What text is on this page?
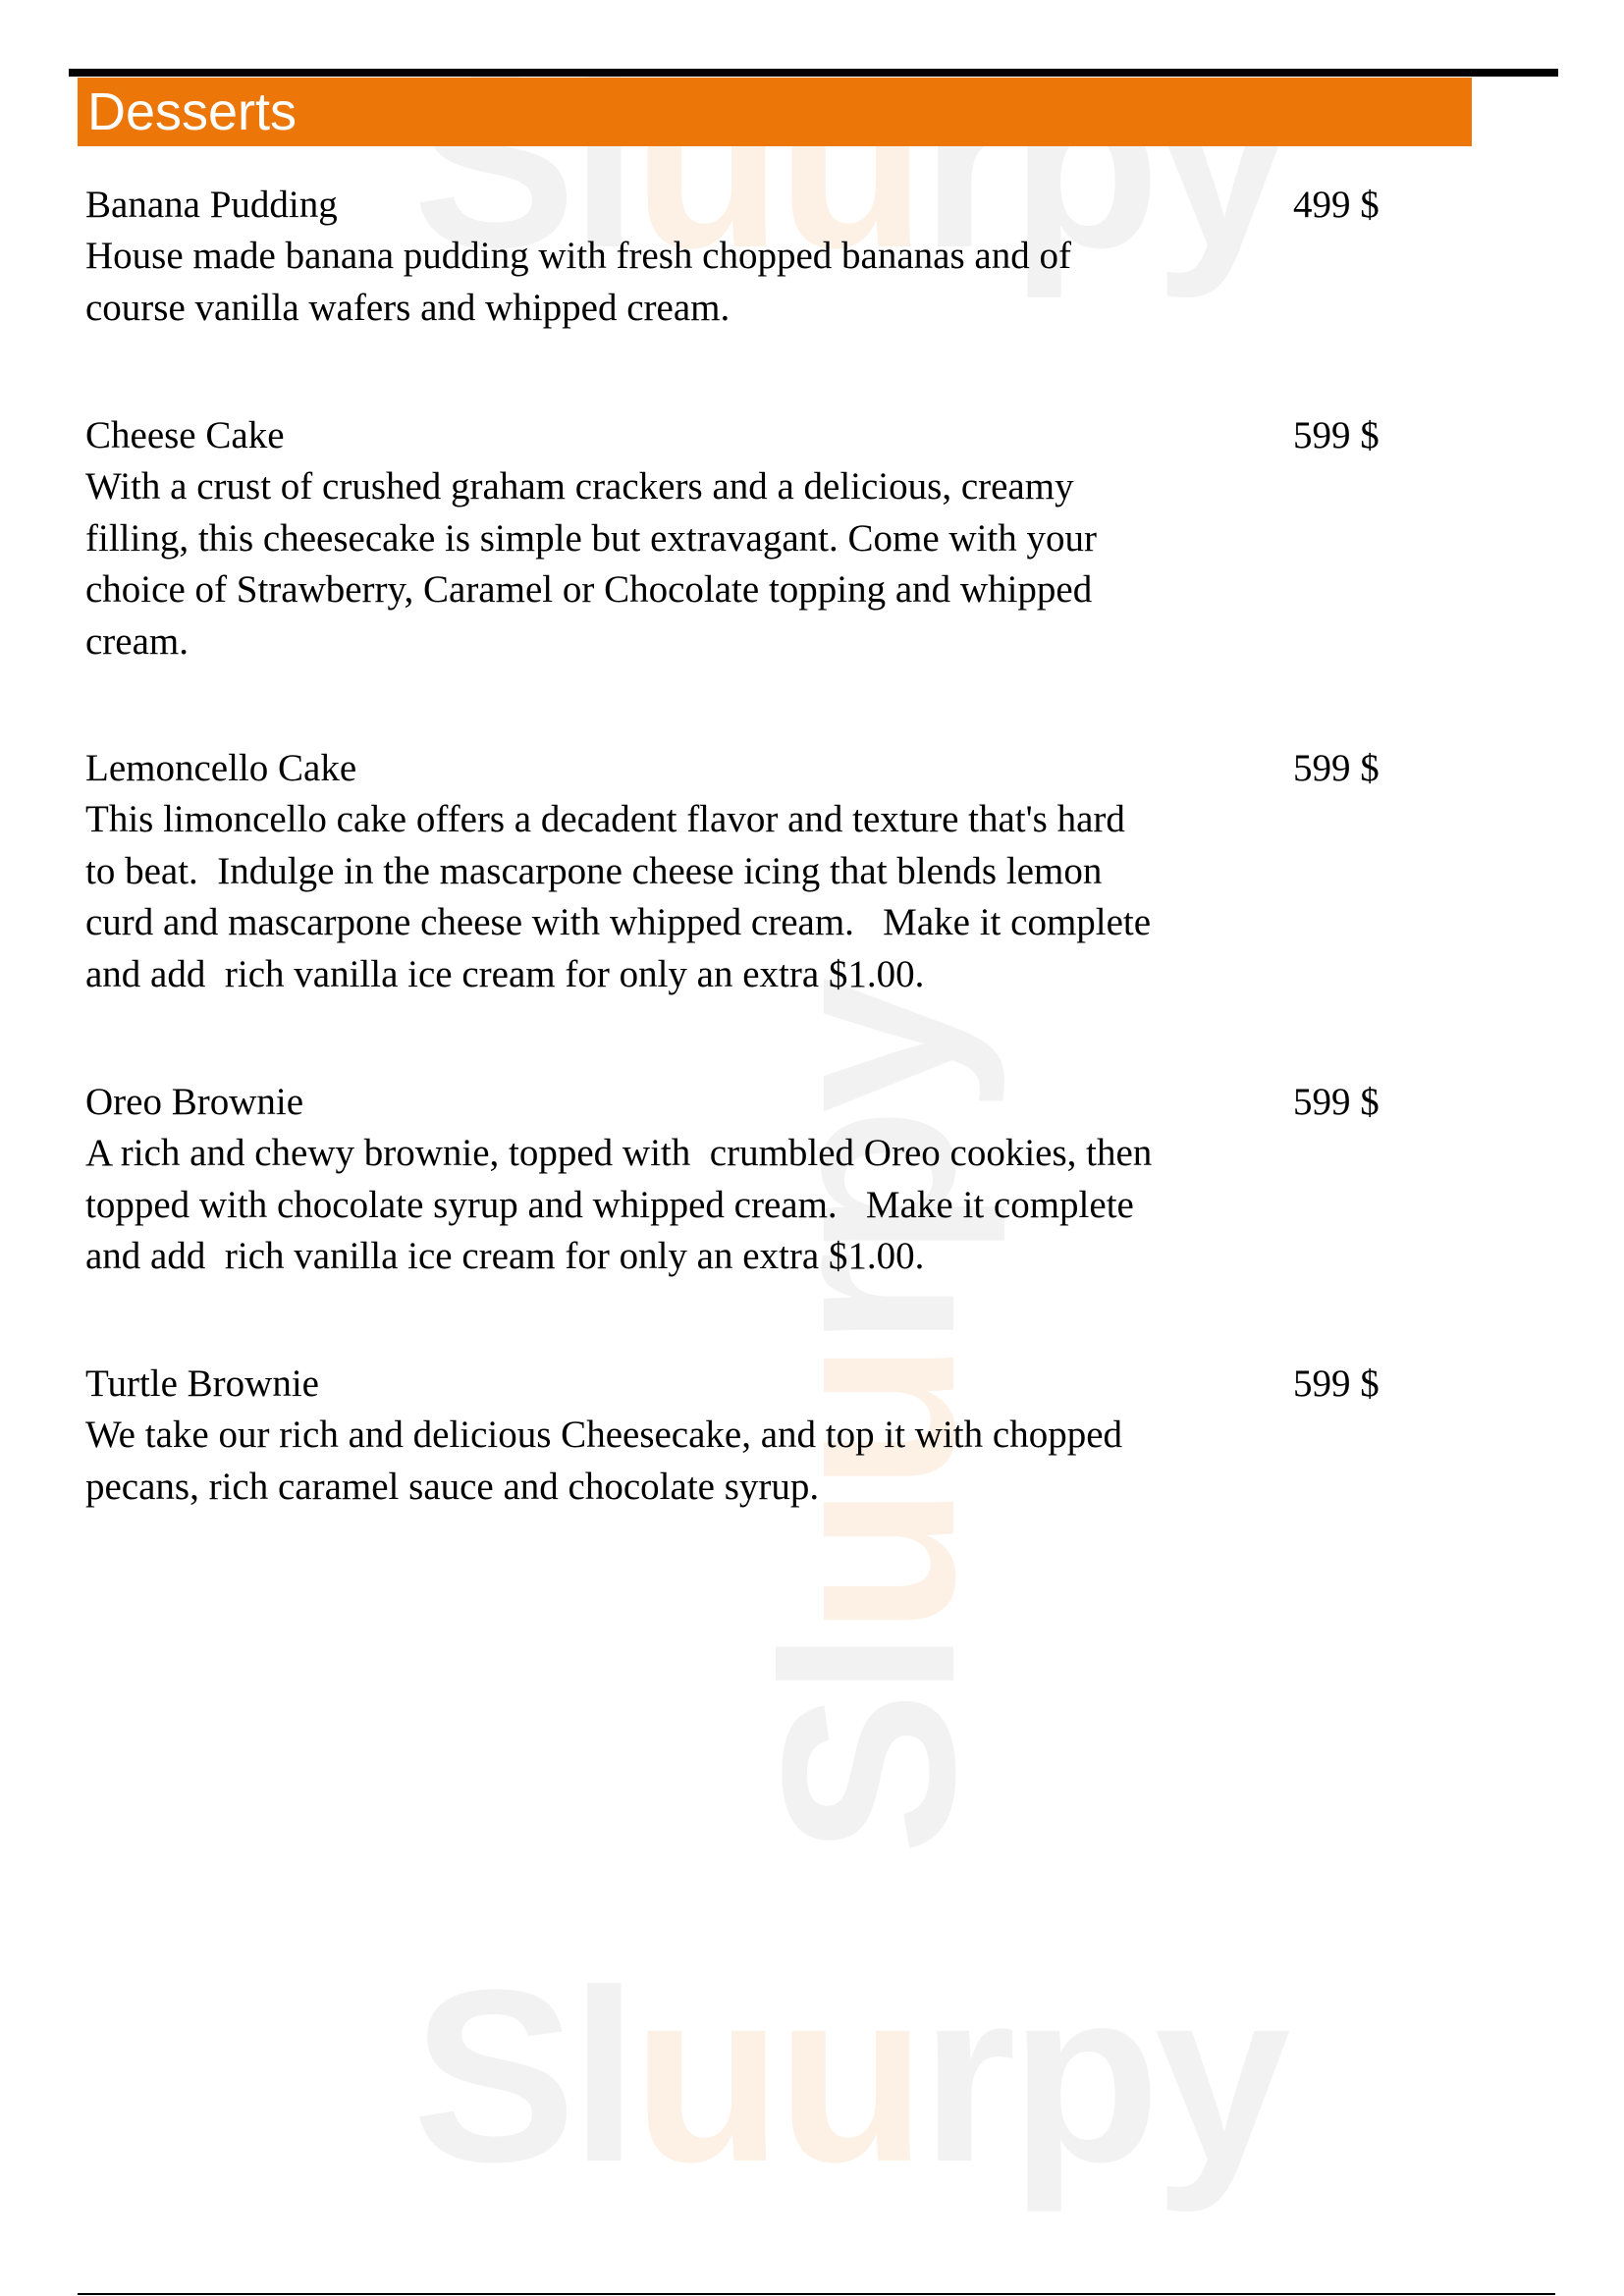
Sluurpy
Sluurpy
Sluurpy
Desserts
Banana Pudding	499 $
House made banana pudding with fresh chopped bananas and of
course vanilla wafers and whipped cream.
Cheese Cake	599 $
With a crust of crushed graham crackers and a delicious, creamy
filling, this cheesecake is simple but extravagant. Come with your
choice of Strawberry, Caramel or Chocolate topping and whipped
cream.
Lemoncello Cake	599 $
This limoncello cake offers a decadent flavor and texture that's hard
to beat.  Indulge in the mascarpone cheese icing that blends lemon
curd and mascarpone cheese with whipped cream.   Make it complete
and add  rich vanilla ice cream for only an extra $1.00.
Oreo Brownie	599 $
A rich and chewy brownie, topped with  crumbled Oreo cookies, then
topped with chocolate syrup and whipped cream.   Make it complete
and add  rich vanilla ice cream for only an extra $1.00.
Turtle Brownie	599 $
We take our rich and delicious Cheesecake, and top it with chopped
pecans, rich caramel sauce and chocolate syrup.
